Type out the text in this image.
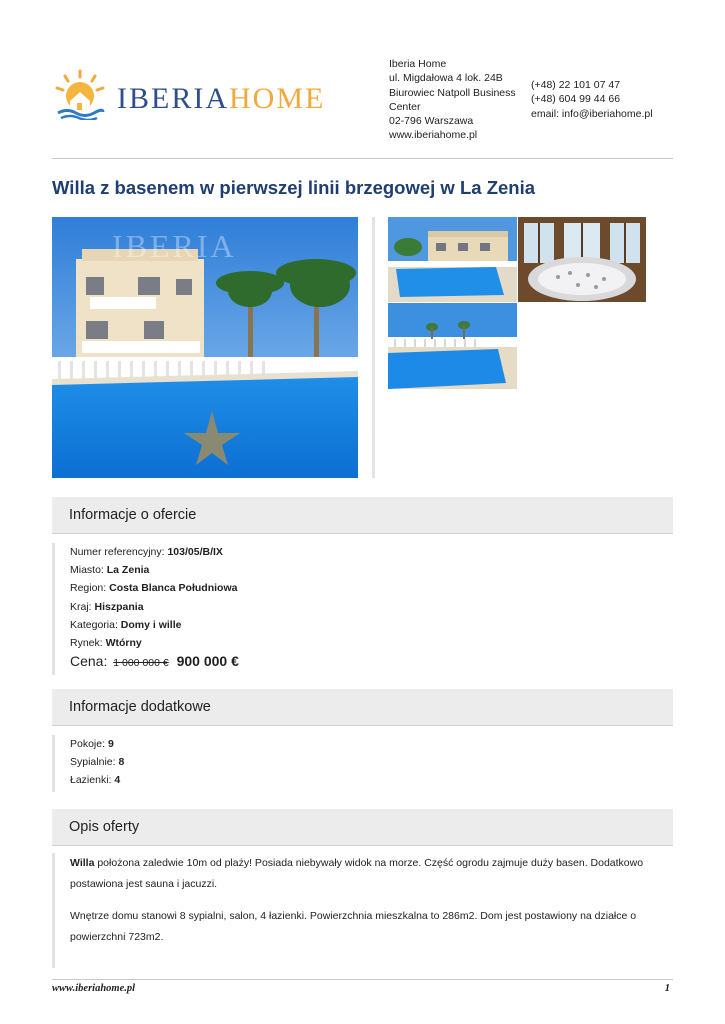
IBERIAHOME
Iberia Home
ul. Migdałowa 4 lok. 24B
Biurowiec Natpoll Business Center
02-796 Warszawa
www.iberiahome.pl
(+48) 22 101 07 47
(+48) 604 99 44 66
email: info@iberiahome.pl
Willa z basenem w pierwszej linii brzegowej w La Zenia
IBERIA
Informacje o ofercie
Numer referencyjny: 103/05/B/IX
Miasto: La Zenia
Region: Costa Blanca Południowa
Kraj: Hiszpania
Kategoria: Domy i wille
Rynek: Wtórny
Cena: 1 000 000 € 900 000 €
Informacje dodatkowe
Pokoje: 9
Sypialnie: 8
Łazienki: 4
Opis oferty

Willa położona zaledwie 10m od plaży! Posiada niebywały widok na morze. Część ogrodu zajmuje duży basen. Dodatkowo postawiona jest sauna i jacuzzi.

Wnętrze domu stanowi 8 sypialni, salon, 4 łazienki. Powierzchnia mieszkalna to 286m2. Dom jest postawiony na działce o powierzchni 723m2.

www.iberiahome.pl	1
